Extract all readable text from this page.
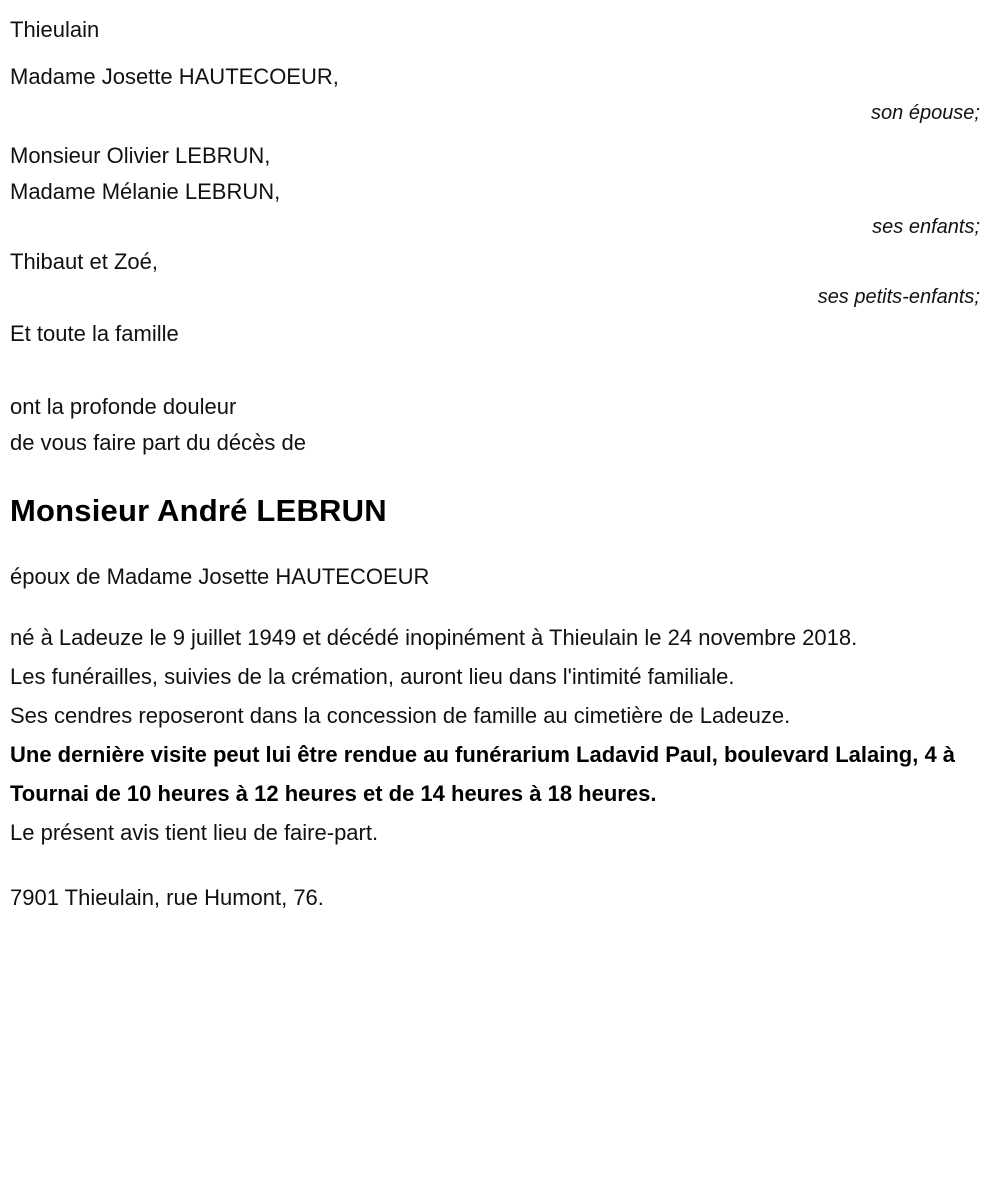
Thieulain
Madame Josette HAUTECOEUR,
son épouse;
Monsieur Olivier LEBRUN,
Madame Mélanie LEBRUN,
ses enfants;
Thibaut et Zoé,
ses petits-enfants;
Et toute la famille
ont la profonde douleur
de vous faire part du décès de
Monsieur André LEBRUN
époux de Madame Josette HAUTECOEUR
né à Ladeuze le 9 juillet 1949 et décédé inopinément à Thieulain le 24 novembre 2018.
Les funérailles, suivies de la crémation, auront lieu dans l'intimité familiale.
Ses cendres reposeront dans la concession de famille au cimetière de Ladeuze.
Une dernière visite peut lui être rendue au funérarium Ladavid Paul, boulevard Lalaing, 4 à Tournai de 10 heures à 12 heures et de 14 heures à 18 heures.
Le présent avis tient lieu de faire-part.
7901 Thieulain, rue Humont, 76.
